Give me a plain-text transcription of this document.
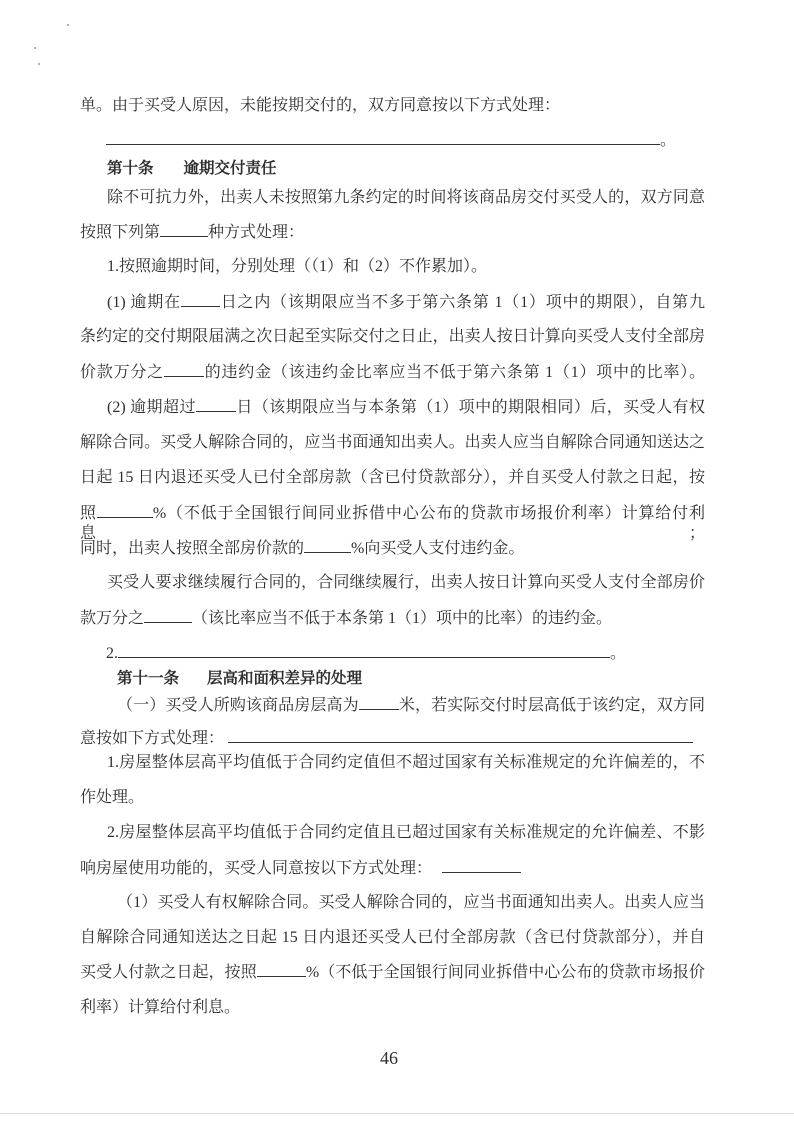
单。由于买受人原因，未能按期交付的，双方同意按以下方式处理：
。
第十条 逾期交付责任
除不可抗力外，出卖人未按照第九条约定的时间将该商品房交付买受人的，双方同意
按照下列第	种方式处理：
1.按照逾期时间，分别处理（（1）和（2）不作累加）。
(1) 逾期在 日之内（该期限应当不多于第六条第 1（1）项中的期限），自第九
条约定的交付期限届满之次日起至实际交付之日止，出卖人按日计算向买受人支付全部房
价款万分之	的违约金（该违约金比率应当不低于第六条第 1（1）项中的比率）。
(2) 逾期超过	日（该期限应当与本条第（1）项中的期限相同）后，买受人有权
解除合同。买受人解除合同的，应当书面通知出卖人。出卖人应当自解除合同通知送达之
日起 15 日内退还买受人已付全部房款（含已付贷款部分），并自买受人付款之日起，按
照	%（不低于全国银行间同业拆借中心公布的贷款市场报价利率）计算给付利息；
同时，出卖人按照全部房价款的	%向买受人支付违约金。
买受人要求继续履行合同的，合同继续履行，出卖人按日计算向买受人支付全部房价
款万分之	（该比率应当不低于本条第 1（1）项中的比率）的违约金。
2.	。
第十一条 层高和面积差异的处理
（一）买受人所购该商品房层高为	米，若实际交付时层高低于该约定，双方同
意按如下方式处理：
1.房屋整体层高平均值低于合同约定值但不超过国家有关标准规定的允许偏差的，不
作处理。
2.房屋整体层高平均值低于合同约定值且已超过国家有关标准规定的允许偏差、不影
响房屋使用功能的，买受人同意按以下方式处理：
（1）买受人有权解除合同。买受人解除合同的，应当书面通知出卖人。出卖人应当
自解除合同通知送达之日起 15 日内退还买受人已付全部房款（含已付贷款部分），并自
买受人付款之日起，按照	%（不低于全国银行间同业拆借中心公布的贷款市场报价
利率）计算给付利息。
46
